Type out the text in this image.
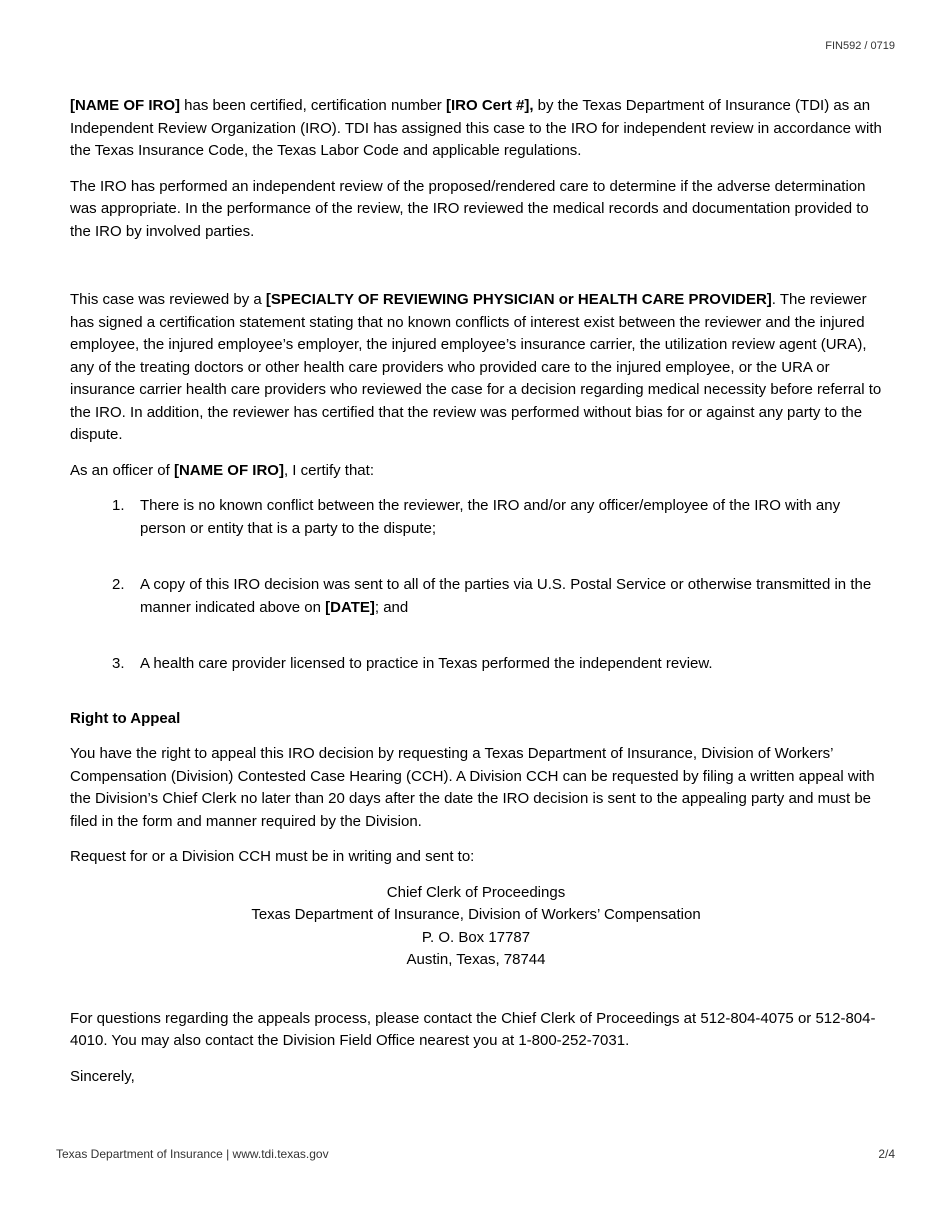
FIN592 / 0719

[NAME OF IRO] has been certified, certification number [IRO Cert #], by the Texas Department of Insurance (TDI) as an Independent Review Organization (IRO). TDI has assigned this case to the IRO for independent review in accordance with the Texas Insurance Code, the Texas Labor Code and applicable regulations.

The IRO has performed an independent review of the proposed/rendered care to determine if the adverse determination was appropriate. In the performance of the review, the IRO reviewed the medical records and documentation provided to the IRO by involved parties.

This case was reviewed by a [SPECIALTY OF REVIEWING PHYSICIAN or HEALTH CARE PROVIDER]. The reviewer has signed a certification statement stating that no known conflicts of interest exist between the reviewer and the injured employee, the injured employee’s employer, the injured employee’s insurance carrier, the utilization review agent (URA), any of the treating doctors or other health care providers who provided care to the injured employee, or the URA or insurance carrier health care providers who reviewed the case for a decision regarding medical necessity before referral to the IRO. In addition, the reviewer has certified that the review was performed without bias for or against any party to the dispute.

As an officer of [NAME OF IRO], I certify that:

1. There is no known conflict between the reviewer, the IRO and/or any officer/employee of the IRO with any person or entity that is a party to the dispute;
2. A copy of this IRO decision was sent to all of the parties via U.S. Postal Service or otherwise transmitted in the manner indicated above on [DATE]; and
3. A health care provider licensed to practice in Texas performed the independent review.

Right to Appeal

You have the right to appeal this IRO decision by requesting a Texas Department of Insurance, Division of Workers’ Compensation (Division) Contested Case Hearing (CCH). A Division CCH can be requested by filing a written appeal with the Division’s Chief Clerk no later than 20 days after the date the IRO decision is sent to the appealing party and must be filed in the form and manner required by the Division.

Request for or a Division CCH must be in writing and sent to:

Chief Clerk of Proceedings
Texas Department of Insurance, Division of Workers’ Compensation
P. O. Box 17787
Austin, Texas, 78744

For questions regarding the appeals process, please contact the Chief Clerk of Proceedings at 512-804-4075 or 512-804-4010. You may also contact the Division Field Office nearest you at 1-800-252-7031.

Sincerely,

Texas Department of Insurance | www.tdi.texas.gov	2/4
